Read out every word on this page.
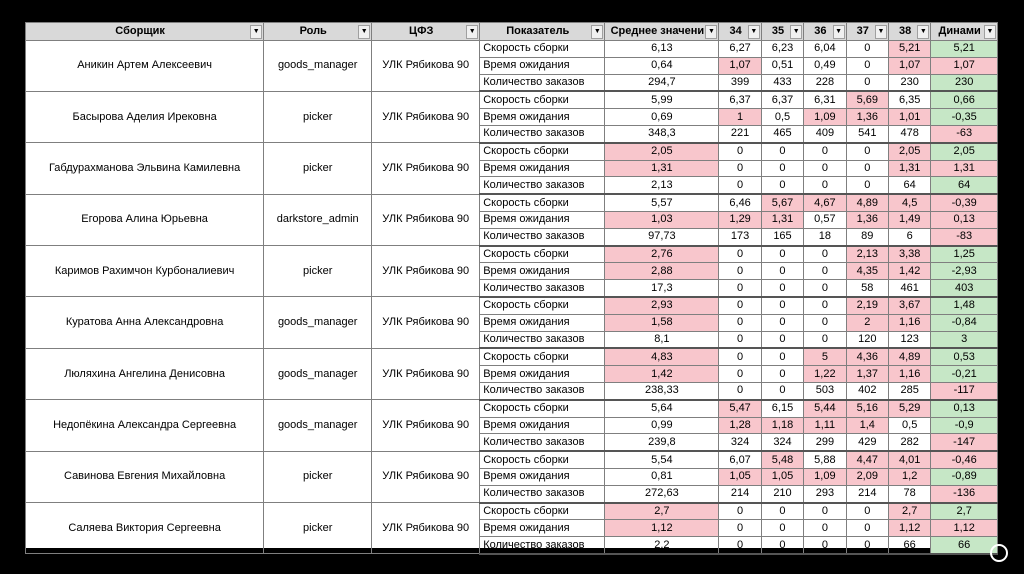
Сборщик ▼	Роль ▼	ЦФЗ ▼	Показатель ▼	Среднее значени ▼	34 ▼	35 ▼	36 ▼	37 ▼	38 ▼	Динами ▼

Аникин Артем Алексеевич	goods_manager	УЛК Рябикова 90	Скорость сборки	6,13	6,27	6,23	6,04	0	5,21	5,21
			Время ожидания	0,64	1,07	0,51	0,49	0	1,07	1,07
			Количество заказов	294,7	399	433	228	0	230	230
Басырова Аделия Ирековна	picker	УЛК Рябикова 90	Скорость сборки	5,99	6,37	6,37	6,31	5,69	6,35	0,66
			Время ожидания	0,69	1	0,5	1,09	1,36	1,01	-0,35
			Количество заказов	348,3	221	465	409	541	478	-63
Габдурахманова Эльвина Камилевна	picker	УЛК Рябикова 90	Скорость сборки	2,05	0	0	0	0	2,05	2,05
			Время ожидания	1,31	0	0	0	0	1,31	1,31
			Количество заказов	2,13	0	0	0	0	64	64
Егорова Алина Юрьевна	darkstore_admin	УЛК Рябикова 90	Скорость сборки	5,57	6,46	5,67	4,67	4,89	4,5	-0,39
			Время ожидания	1,03	1,29	1,31	0,57	1,36	1,49	0,13
			Количество заказов	97,73	173	165	18	89	6	-83
Каримов Рахимчон Курбоналиевич	picker	УЛК Рябикова 90	Скорость сборки	2,76	0	0	0	2,13	3,38	1,25
			Время ожидания	2,88	0	0	0	4,35	1,42	-2,93
			Количество заказов	17,3	0	0	0	58	461	403
Куратова Анна Александровна	goods_manager	УЛК Рябикова 90	Скорость сборки	2,93	0	0	0	2,19	3,67	1,48
			Время ожидания	1,58	0	0	0	2	1,16	-0,84
			Количество заказов	8,1	0	0	0	120	123	3
Люляхина Ангелина Денисовна	goods_manager	УЛК Рябикова 90	Скорость сборки	4,83	0	0	5	4,36	4,89	0,53
			Время ожидания	1,42	0	0	1,22	1,37	1,16	-0,21
			Количество заказов	238,33	0	0	503	402	285	-117
Недопёкина Александра Сергеевна	goods_manager	УЛК Рябикова 90	Скорость сборки	5,64	5,47	6,15	5,44	5,16	5,29	0,13
			Время ожидания	0,99	1,28	1,18	1,11	1,4	0,5	-0,9
			Количество заказов	239,8	324	324	299	429	282	-147
Савинова Евгения Михайловна	picker	УЛК Рябикова 90	Скорость сборки	5,54	6,07	5,48	5,88	4,47	4,01	-0,46
			Время ожидания	0,81	1,05	1,05	1,09	2,09	1,2	-0,89
			Количество заказов	272,63	214	210	293	214	78	-136
Саляева Виктория Сергеевна	picker	УЛК Рябикова 90	Скорость сборки	2,7	0	0	0	0	2,7	2,7
			Время ожидания	1,12	0	0	0	0	1,12	1,12
			Количество заказов	2,2	0	0	0	0	66	66
